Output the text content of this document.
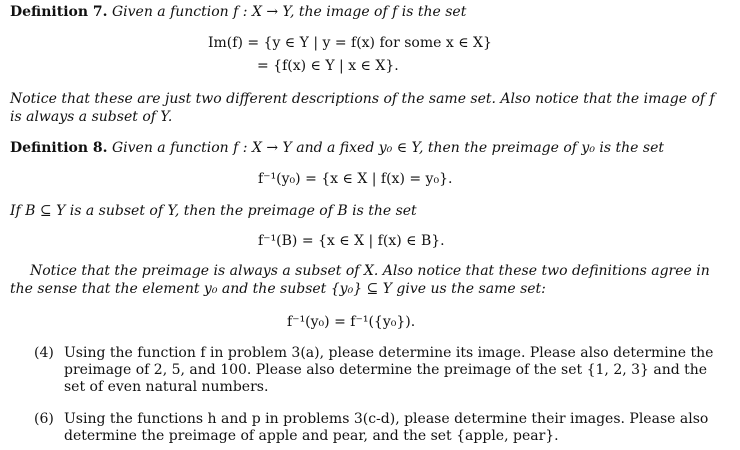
Definition 7. Given a function f : X → Y, the image of f is the set
Im(f) = {y ∈ Y | y = f(x) for some x ∈ X}
= {f(x) ∈ Y | x ∈ X}.
Notice that these are just two different descriptions of the same set. Also notice that the image of f
is always a subset of Y.
Definition 8. Given a function f : X → Y and a fixed y₀ ∈ Y, then the preimage of y₀ is the set
f⁻¹(y₀) = {x ∈ X | f(x) = y₀}.
If B ⊆ Y is a subset of Y, then the preimage of B is the set
f⁻¹(B) = {x ∈ X | f(x) ∈ B}.
Notice that the preimage is always a subset of X. Also notice that these two definitions agree in
the sense that the element y₀ and the subset {y₀} ⊆ Y give us the same set:
f⁻¹(y₀) = f⁻¹({y₀}).
(4) Using the function f in problem 3(a), please determine its image. Please also determine the preimage of 2, 5, and 100. Please also determine the preimage of the set {1, 2, 3} and the set of even natural numbers.
(6) Using the functions h and p in problems 3(c-d), please determine their images. Please also determine the preimage of apple and pear, and the set {apple, pear}.
